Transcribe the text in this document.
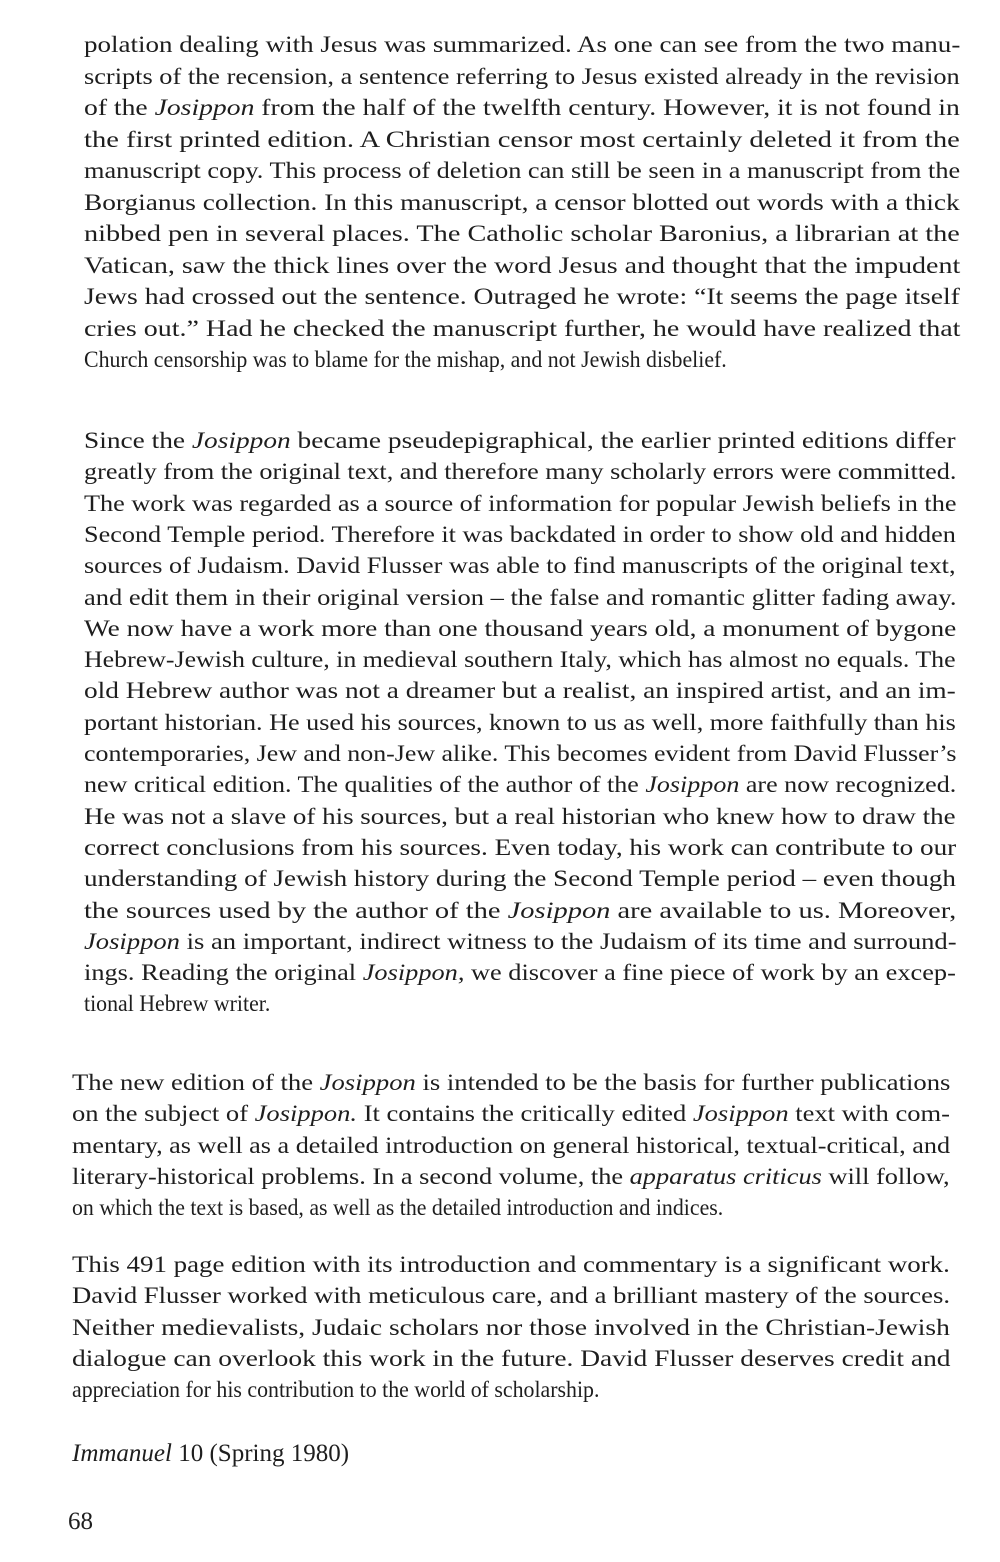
polation dealing with Jesus was summarized. As one can see from the two manu-
scripts of the recension, a sentence referring to Jesus existed already in the revision
of the Josippon from the half of the twelfth century. However, it is not found in
the first printed edition. A Christian censor most certainly deleted it from the
manuscript copy. This process of deletion can still be seen in a manuscript from the
Borgianus collection. In this manuscript, a censor blotted out words with a thick
nibbed pen in several places. The Catholic scholar Baronius, a librarian at the
Vatican, saw the thick lines over the word Jesus and thought that the impudent
Jews had crossed out the sentence. Outraged he wrote: “It seems the page itself
cries out.” Had he checked the manuscript further, he would have realized that
Church censorship was to blame for the mishap, and not Jewish disbelief.
Since the Josippon became pseudepigraphical, the earlier printed editions differ
greatly from the original text, and therefore many scholarly errors were committed.
The work was regarded as a source of information for popular Jewish beliefs in the
Second Temple period. Therefore it was backdated in order to show old and hidden
sources of Judaism. David Flusser was able to find manuscripts of the original text,
and edit them in their original version – the false and romantic glitter fading away.
We now have a work more than one thousand years old, a monument of bygone
Hebrew-Jewish culture, in medieval southern Italy, which has almost no equals. The
old Hebrew author was not a dreamer but a realist, an inspired artist, and an im-
portant historian. He used his sources, known to us as well, more faithfully than his
contemporaries, Jew and non-Jew alike. This becomes evident from David Flusser’s
new critical edition. The qualities of the author of the Josippon are now recognized.
He was not a slave of his sources, but a real historian who knew how to draw the
correct conclusions from his sources. Even today, his work can contribute to our
understanding of Jewish history during the Second Temple period – even though
the sources used by the author of the Josippon are available to us. Moreover,
Josippon is an important, indirect witness to the Judaism of its time and surround-
ings. Reading the original Josippon, we discover a fine piece of work by an excep-
tional Hebrew writer.
The new edition of the Josippon is intended to be the basis for further publications
on the subject of Josippon. It contains the critically edited Josippon text with com-
mentary, as well as a detailed introduction on general historical, textual-critical, and
literary-historical problems. In a second volume, the apparatus criticus will follow,
on which the text is based, as well as the detailed introduction and indices.
This 491 page edition with its introduction and commentary is a significant work.
David Flusser worked with meticulous care, and a brilliant mastery of the sources.
Neither medievalists, Judaic scholars nor those involved in the Christian-Jewish
dialogue can overlook this work in the future. David Flusser deserves credit and
appreciation for his contribution to the world of scholarship.
Immanuel 10 (Spring 1980)
68
